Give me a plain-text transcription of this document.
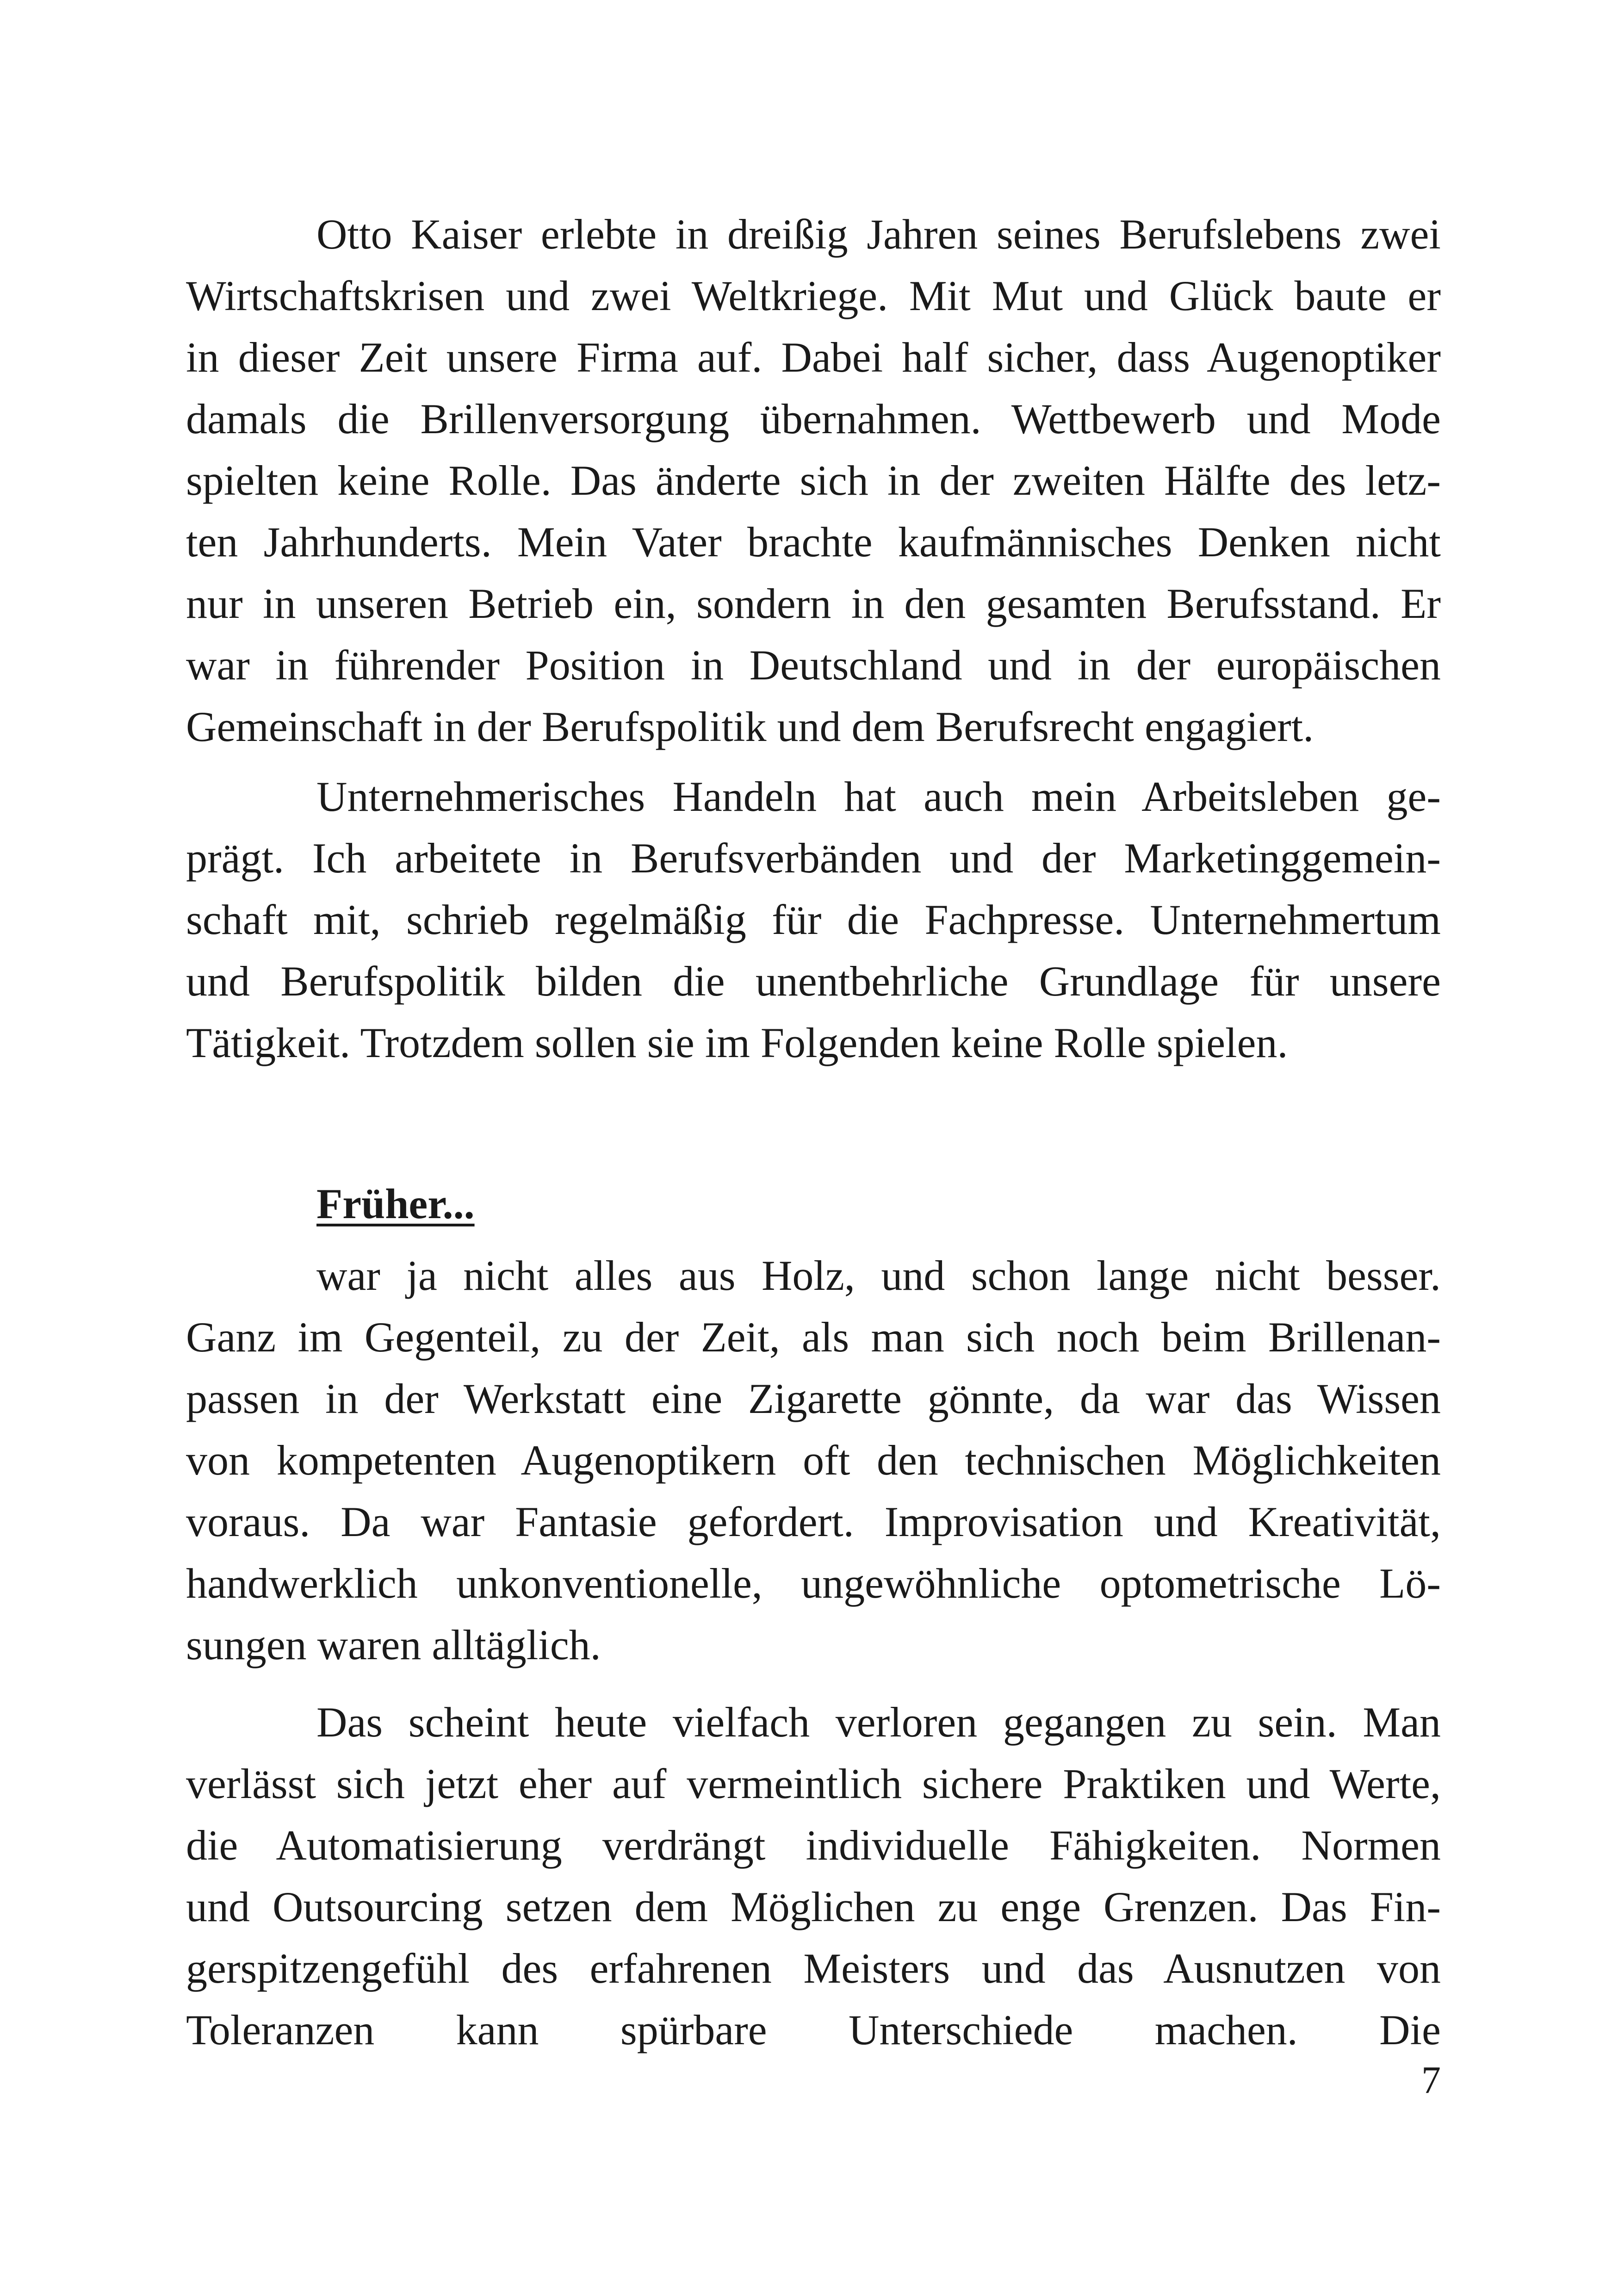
Otto Kaiser erlebte in dreißig Jahren seines Berufslebens zwei
Wirtschaftskrisen und zwei Weltkriege. Mit Mut und Glück baute er
in dieser Zeit unsere Firma auf. Dabei half sicher, dass Augenoptiker
damals die Brillenversorgung übernahmen. Wettbewerb und Mode
spielten keine Rolle. Das änderte sich in der zweiten Hälfte des letz-
ten Jahrhunderts. Mein Vater brachte kaufmännisches Denken nicht
nur in unseren Betrieb ein, sondern in den gesamten Berufsstand. Er
war in führender Position in Deutschland und in der europäischen
Gemeinschaft in der Berufspolitik und dem Berufsrecht engagiert.
Unternehmerisches Handeln hat auch mein Arbeitsleben ge-
prägt. Ich arbeitete in Berufsverbänden und der Marketinggemein-
schaft mit, schrieb regelmäßig für die Fachpresse. Unternehmertum
und Berufspolitik bilden die unentbehrliche Grundlage für unsere
Tätigkeit. Trotzdem sollen sie im Folgenden keine Rolle spielen.
Früher...
war ja nicht alles aus Holz, und schon lange nicht besser.
Ganz im Gegenteil, zu der Zeit, als man sich noch beim Brillenan-
passen in der Werkstatt eine Zigarette gönnte, da war das Wissen
von kompetenten Augenoptikern oft den technischen Möglichkeiten
voraus. Da war Fantasie gefordert. Improvisation und Kreativität,
handwerklich unkonventionelle, ungewöhnliche optometrische Lö-
sungen waren alltäglich.
Das scheint heute vielfach verloren gegangen zu sein. Man
verlässt sich jetzt eher auf vermeintlich sichere Praktiken und Werte,
die Automatisierung verdrängt individuelle Fähigkeiten. Normen
und Outsourcing setzen dem Möglichen zu enge Grenzen. Das Fin-
gerspitzengefühl des erfahrenen Meisters und das Ausnutzen von
Toleranzen kann spürbare Unterschiede machen. Die
7
